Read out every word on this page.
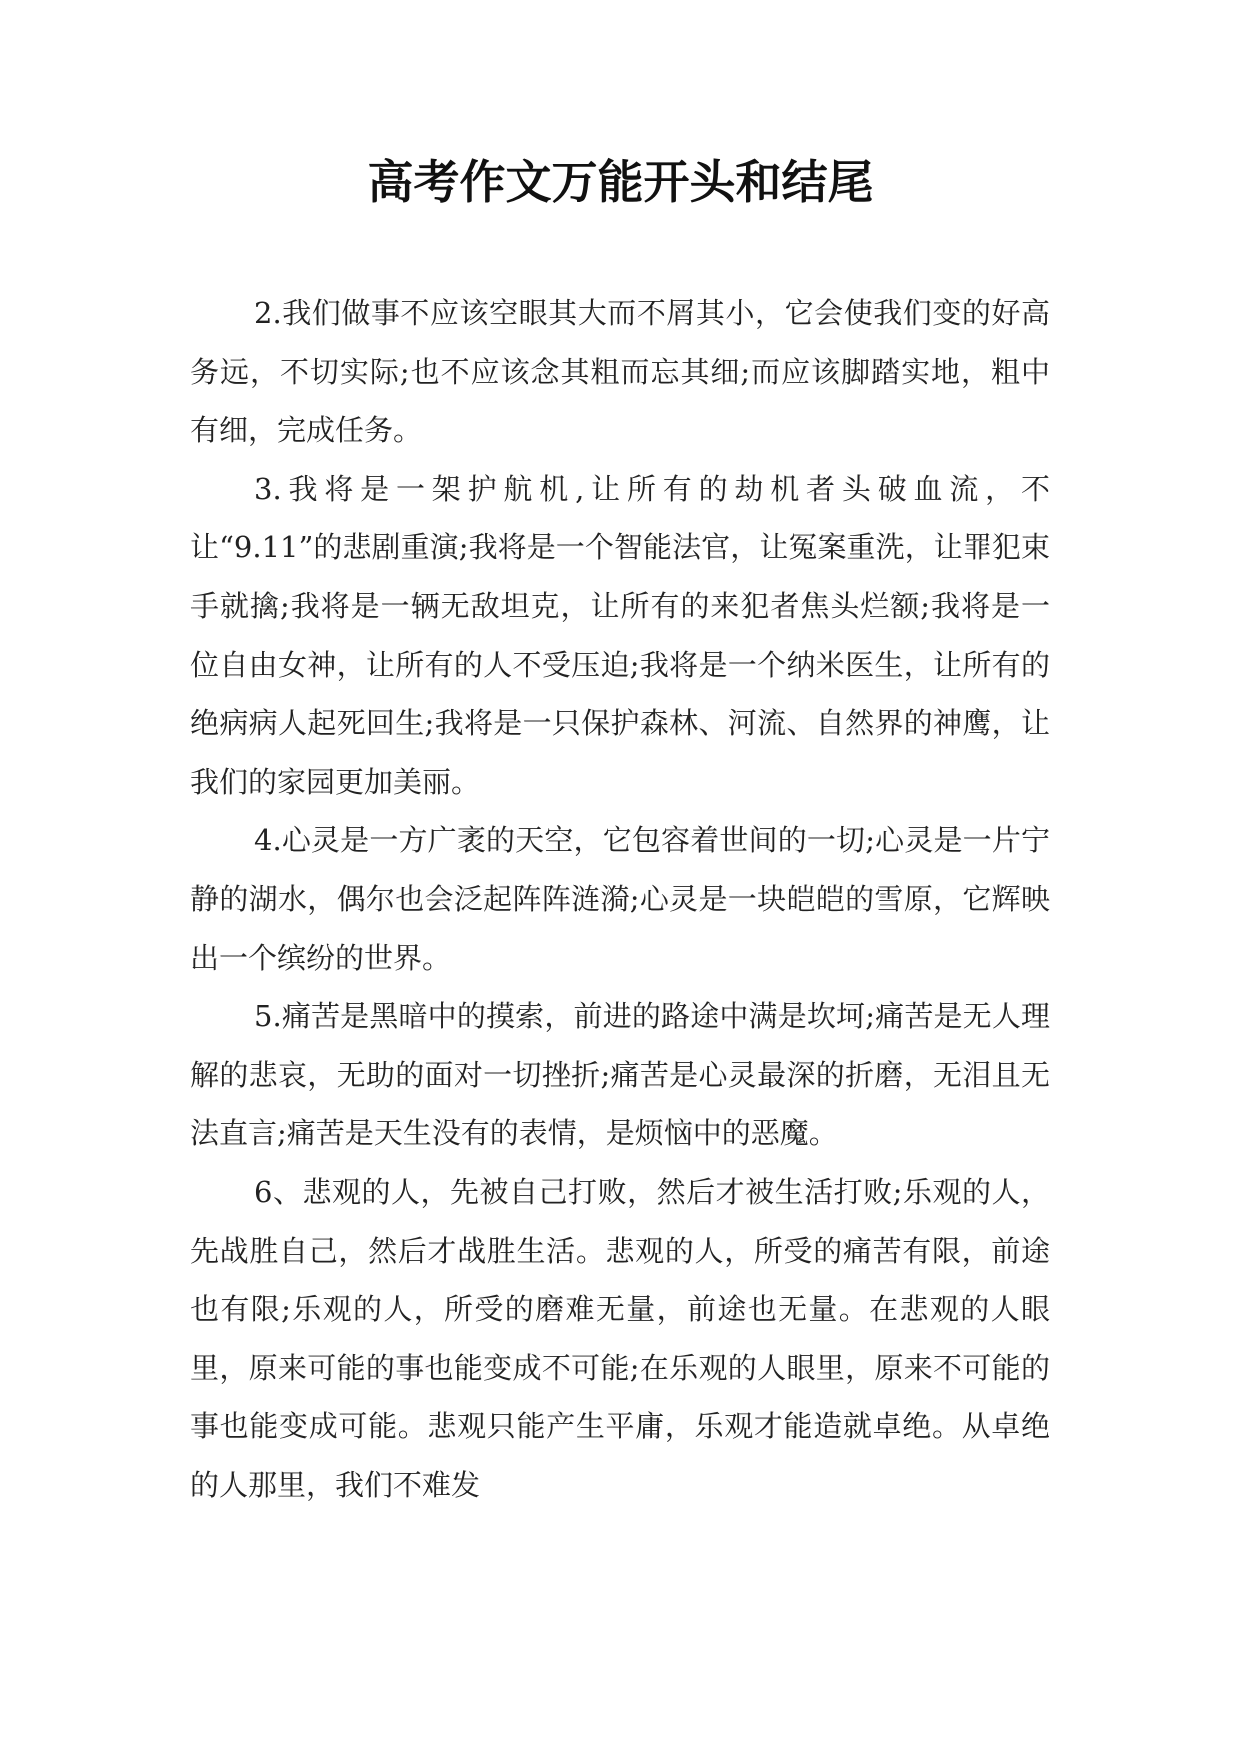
高考作文万能开头和结尾

2.我们做事不应该空眼其大而不屑其小，它会使我们变的好高务远，不切实际;也不应该念其粗而忘其细;而应该脚踏实地，粗中有细，完成任务。

3.我将是一架护航机,让所有的劫机者头破血流，不让“9.11”的悲剧重演;我将是一个智能法官，让冤案重洗，让罪犯束手就擒;我将是一辆无敌坦克，让所有的来犯者焦头烂额;我将是一位自由女神，让所有的人不受压迫;我将是一个纳米医生，让所有的绝病病人起死回生;我将是一只保护森林、河流、自然界的神鹰，让我们的家园更加美丽。

4.心灵是一方广袤的天空，它包容着世间的一切;心灵是一片宁静的湖水，偶尔也会泛起阵阵涟漪;心灵是一块皑皑的雪原，它辉映出一个缤纷的世界。

5.痛苦是黑暗中的摸索，前进的路途中满是坎坷;痛苦是无人理解的悲哀，无助的面对一切挫折;痛苦是心灵最深的折磨，无泪且无法直言;痛苦是天生没有的表情，是烦恼中的恶魔。

6、悲观的人，先被自己打败，然后才被生活打败;乐观的人，先战胜自己，然后才战胜生活。悲观的人，所受的痛苦有限，前途也有限;乐观的人，所受的磨难无量，前途也无量。在悲观的人眼里，原来可能的事也能变成不可能;在乐观的人眼里，原来不可能的事也能变成可能。悲观只能产生平庸，乐观才能造就卓绝。从卓绝的人那里，我们不难发
